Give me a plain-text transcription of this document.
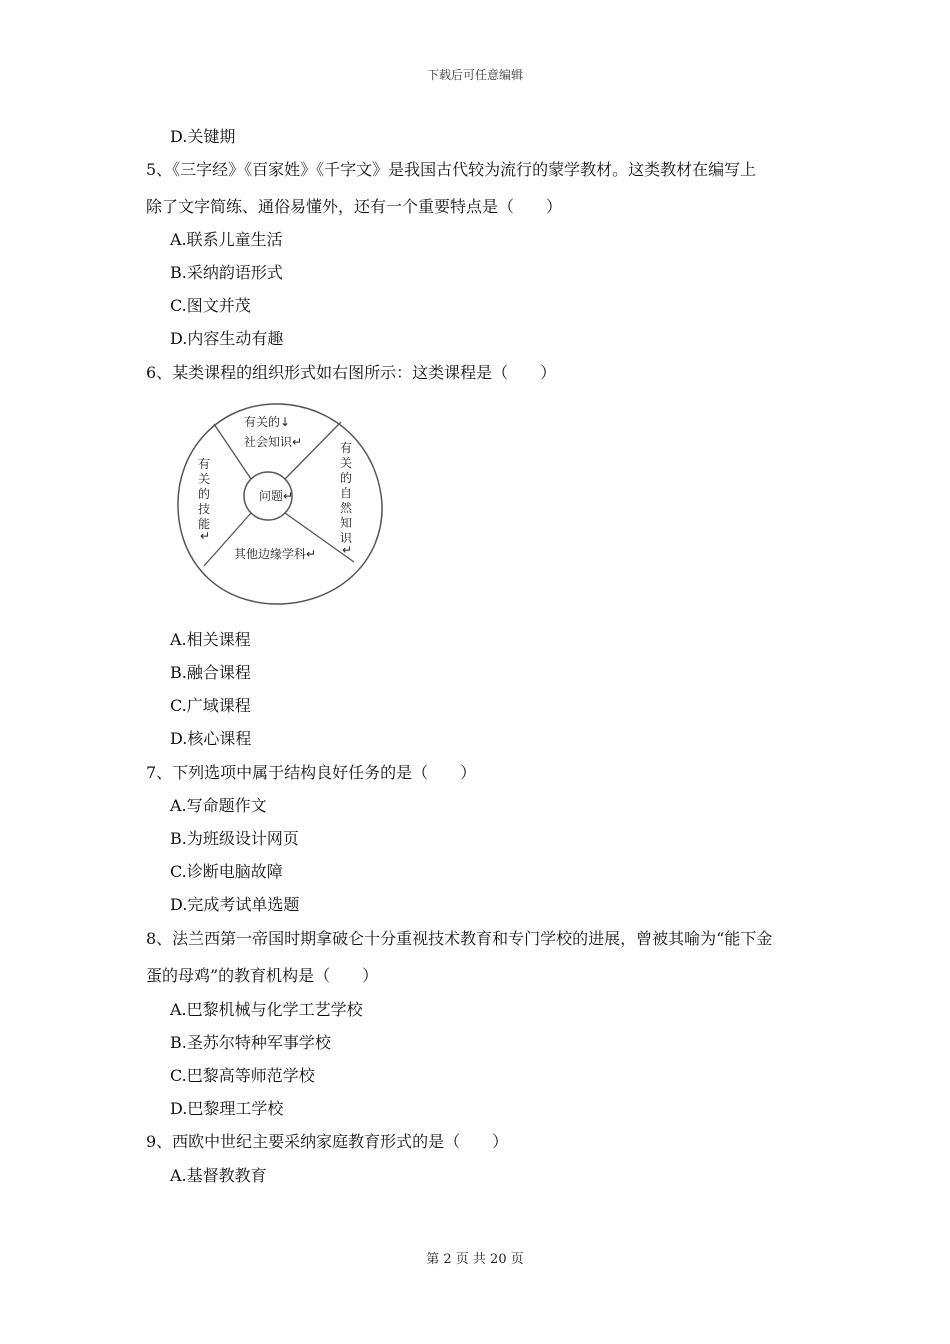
下载后可任意编辑
D.关键期
5、《三字经》《百家姓》《千字文》是我国古代较为流行的蒙学教材。这类教材在编写上
除了文字简练、通俗易懂外，还有一个重要特点是（　　）
A.联系儿童生活
B.采纳韵语形式
C.图文并茂
D.内容生动有趣
6、某类课程的组织形式如右图所示：这类课程是（　　）
问题↵
有关的↓
社会知识↵
其他边缘学科↵
有
关
的
自
然
知
识
↵
有
关
的
技
能
↵
A.相关课程
B.融合课程
C.广域课程
D.核心课程
7、下列选项中属于结构良好任务的是（　　）
A.写命题作文
B.为班级设计网页
C.诊断电脑故障
D.完成考试单选题
8、法兰西第一帝国时期拿破仑十分重视技术教育和专门学校的进展，曾被其喻为“能下金
蛋的母鸡”的教育机构是（　　）
A.巴黎机械与化学工艺学校
B.圣苏尔特种军事学校
C.巴黎高等师范学校
D.巴黎理工学校
9、西欧中世纪主要采纳家庭教育形式的是（　　）
A.基督教教育
第 2 页 共 20 页
